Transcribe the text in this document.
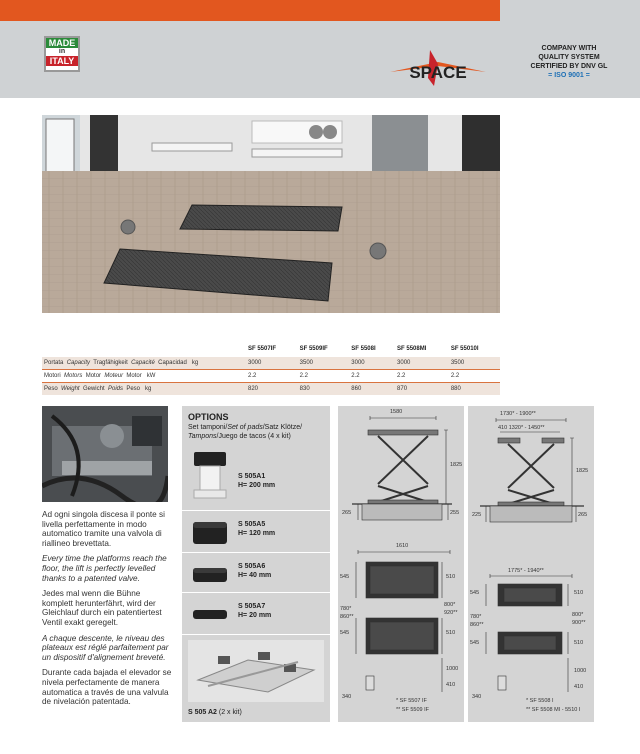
MADE
in
ITALY
SPACE
COMPANY WITH
QUALITY SYSTEM
CERTIFIED BY DNV GL
= ISO 9001 =
	SF 5507IF	SF 5509IF	SF 5508I	SF 5508MI	SF 55010I
Portata Capacity Tragfähigkeit Capacité Capacidad kg	3000	3500	3000	3000	3500
Motori Motors Motor Moteur Motor kW	2.2	2.2	2.2	2.2	2.2
Peso Weight Gewicht Poids Peso kg	820	830	860	870	880

Ad ogni singola discesa il ponte si livella perfettamente in modo automatico tramite una valvola di riallineo brevettata.

Every time the platforms reach the floor, the lift is perfectly levelled thanks to a patented valve.

Jedes mal wenn die Bühne komplett herunterfährt, wird der Gleichlauf durch ein patentiertest Ventil exakt geregelt.

A chaque descente, le niveau des plateaux est réglé parfaitement par un dispositif d'alignement breveté.

Durante cada bajada el elevador se nivela perfectamente de manera automatica a través de una valvula de nivelación patentada.

OPTIONS
Set tamponi/Set of pads/Satz Klötze/
Tampons/Juego de tacos (4 x kit)
S 505A1
H= 200 mm
S 505A5
H= 120 mm
S 505A6
H= 40 mm
S 505A7
H= 20 mm
S 505 A2 (2 x kit)
1580
1825
265	255
1610
545
780*
545
860**
510
800*
510
920**
1000
410
340
* SF 5507 IF
** SF 5509 IF
1730* - 1900**
410 1320* - 1450**
1825
225	265
1775* - 1940**
545
780*
545
860**
510
800*
510
900**
1000
410
340
* SF 5508 I
** SF 5508 MI - 5510 I
